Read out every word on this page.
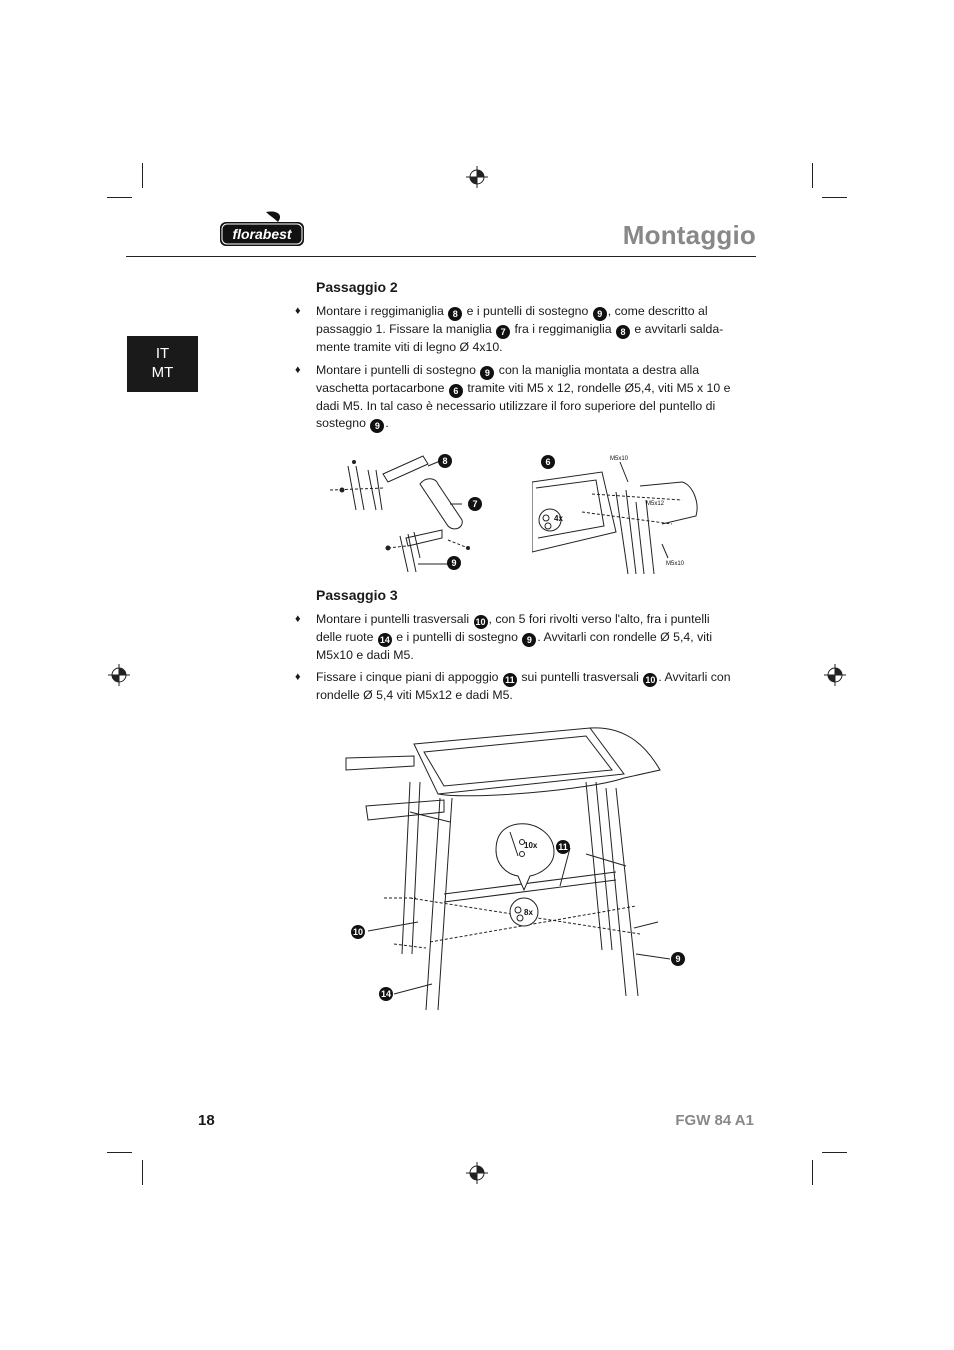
florabest	Montaggio
IT
MT
Passaggio 2
♦ Montare i reggimaniglia 8 e i puntelli di sostegno 9 , come descritto al passaggio 1. Fissare la maniglia 7 fra i reggimaniglia 8 e avvitarli salda-mente tramite viti di legno Ø 4x10.
♦ Montare i puntelli di sostegno 9 con la maniglia montata a destra alla vaschetta portacarbone 6 tramite viti M5 x 12, rondelle Ø5,4, viti M5 x 10 e dadi M5. In tal caso è necessario utilizzare il foro superiore del puntello di sostegno 9 .
8
7
9
4x
M5x10
M5x12
M5x10
6
Passaggio 3
♦ Montare i puntelli trasversali 10 , con 5 fori rivolti verso l'alto, fra i puntelli delle ruote 14 e i puntelli di sostegno 9 . Avvitarli con rondelle Ø 5,4, viti M5x10 e dadi M5.
♦ Fissare i cinque piani di appoggio 11 sui puntelli trasversali 10 . Avvitarli con rondelle Ø 5,4 viti M5x12 e dadi M5.
10x
8x
11
10
9
14
18	FGW 84 A1
